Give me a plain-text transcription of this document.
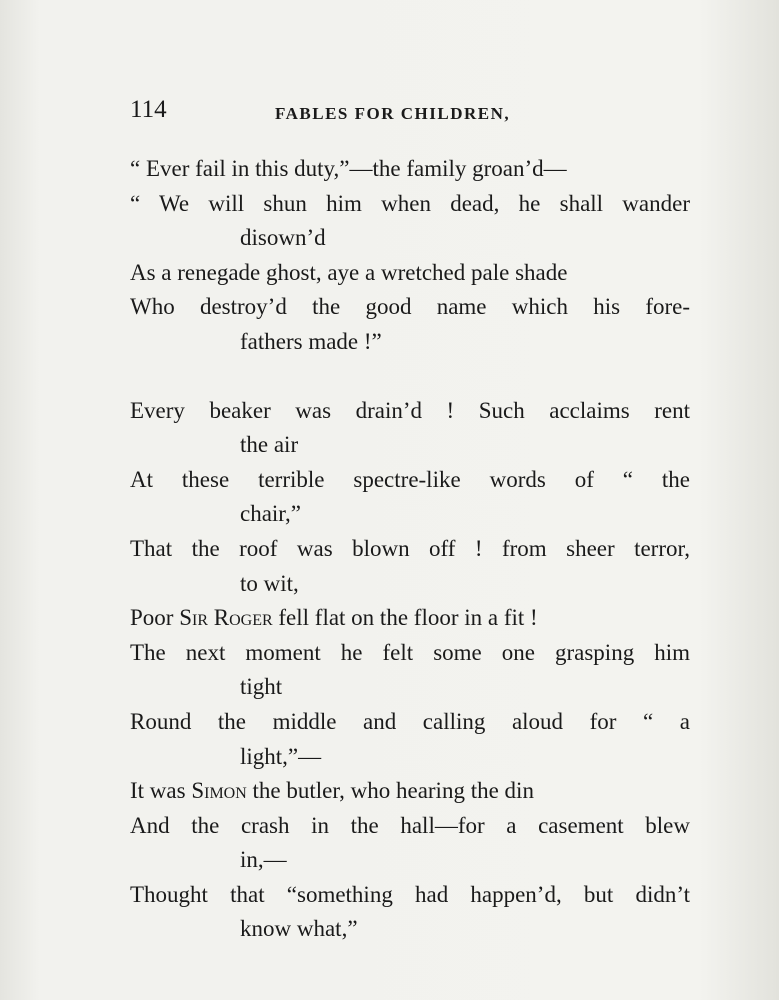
114	FABLES FOR CHILDREN,
“ Ever fail in this duty,”—the family groan’d—
“ We will shun him when dead, he shall wander
disown’d
As a renegade ghost, aye a wretched pale shade
Who destroy’d the good name which his fore-
fathers made !”
Every beaker was drain’d ! Such acclaims rent
the air
At these terrible spectre-like words of “ the
chair,”
That the roof was blown off ! from sheer terror,
to wit,
Poor Sir Roger fell flat on the floor in a fit !
The next moment he felt some one grasping him
tight
Round the middle and calling aloud for “ a
light,”—
It was Simon the butler, who hearing the din
And the crash in the hall—for a casement blew
in,—
Thought that “something had happen’d, but didn’t
know what,”
